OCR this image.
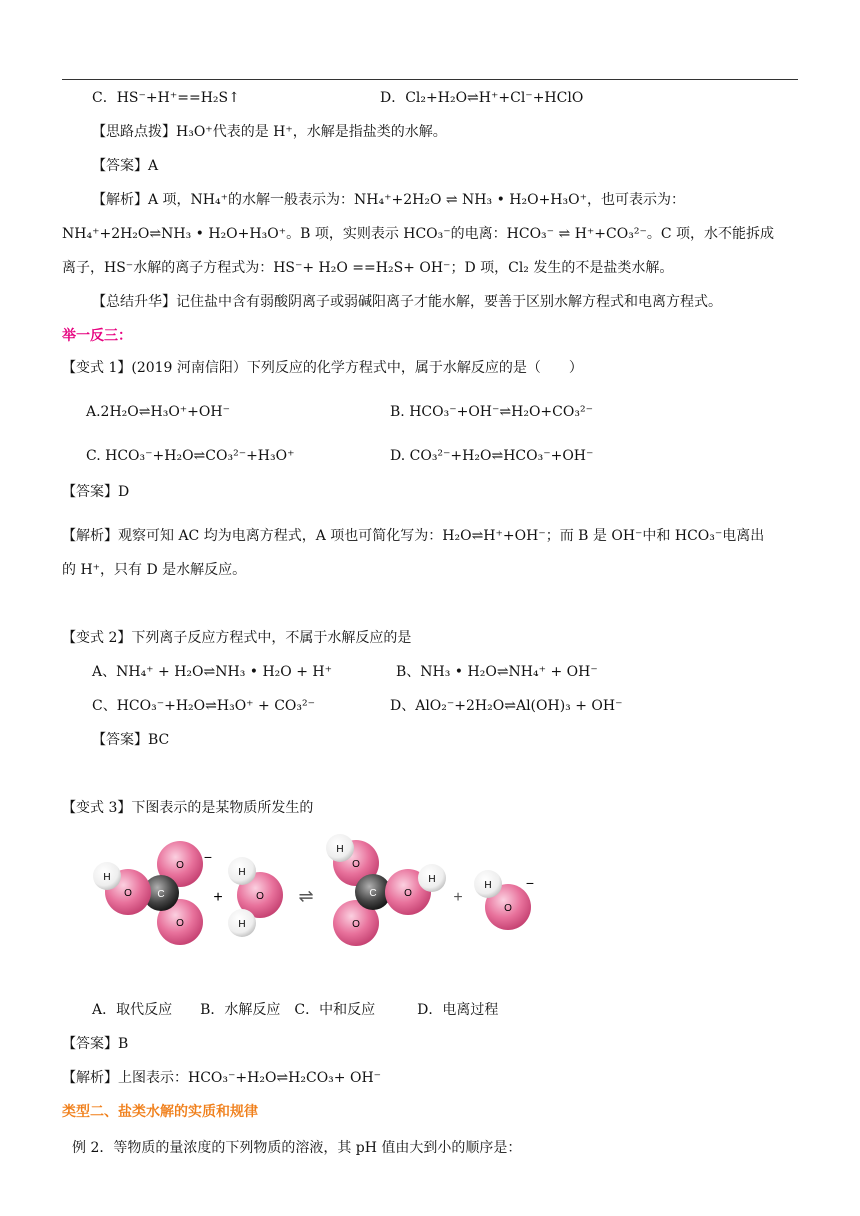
C．HS⁻+H⁺==H₂S↑	D．Cl₂+H₂O⇌H⁺+Cl⁻+HClO
【思路点拨】H₃O⁺代表的是 H⁺，水解是指盐类的水解。
【答案】A
【解析】A 项，NH₄⁺的水解一般表示为：NH₄⁺+2H₂O ⇌ NH₃ • H₂O+H₃O⁺，也可表示为：
NH₄⁺+2H₂O⇌NH₃ • H₂O+H₃O⁺。B 项，实则表示 HCO₃⁻的电离：HCO₃⁻ ⇌ H⁺+CO₃²⁻。C 项，水不能拆成
离子，HS⁻水解的离子方程式为：HS⁻+ H₂O ==H₂S+ OH⁻；D 项，Cl₂ 发生的不是盐类水解。
【总结升华】记住盐中含有弱酸阴离子或弱碱阳离子才能水解，要善于区别水解方程式和电离方程式。
举一反三：
【变式 1】(2019 河南信阳）下列反应的化学方程式中，属于水解反应的是（　　）
A.2H₂O⇌H₃O⁺+OH⁻	B. HCO₃⁻+OH⁻⇌H₂O+CO₃²⁻
C. HCO₃⁻+H₂O⇌CO₃²⁻+H₃O⁺	D. CO₃²⁻+H₂O⇌HCO₃⁻+OH⁻
【答案】D
【解析】观察可知 AC 均为电离方程式，A 项也可简化写为：H₂O⇌H⁺+OH⁻；而 B 是 OH⁻中和 HCO₃⁻电离出
的 H⁺，只有 D 是水解反应。
【变式 2】下列离子反应方程式中，不属于水解反应的是
A、NH₄⁺ + H₂O⇌NH₃ • H₂O + H⁺	B、NH₃ • H₂O⇌NH₄⁺ + OH⁻
C、HCO₃⁻+H₂O⇌H₃O⁺ + CO₃²⁻	D、AlO₂⁻+2H₂O⇌Al(OH)₃ + OH⁻
【答案】BC
【变式 3】下图表示的是某物质所发生的
H
O	C
O
O
−
+
H
H
O ⇌
H
O
C
O
O
H
+
H
O
−
A．取代反应　　B．水解反应　C．中和反应　　　D．电离过程
【答案】B
【解析】上图表示：HCO₃⁻+H₂O⇌H₂CO₃+ OH⁻
类型二、盐类水解的实质和规律
例 2．等物质的量浓度的下列物质的溶液，其 pH 值由大到小的顺序是：
